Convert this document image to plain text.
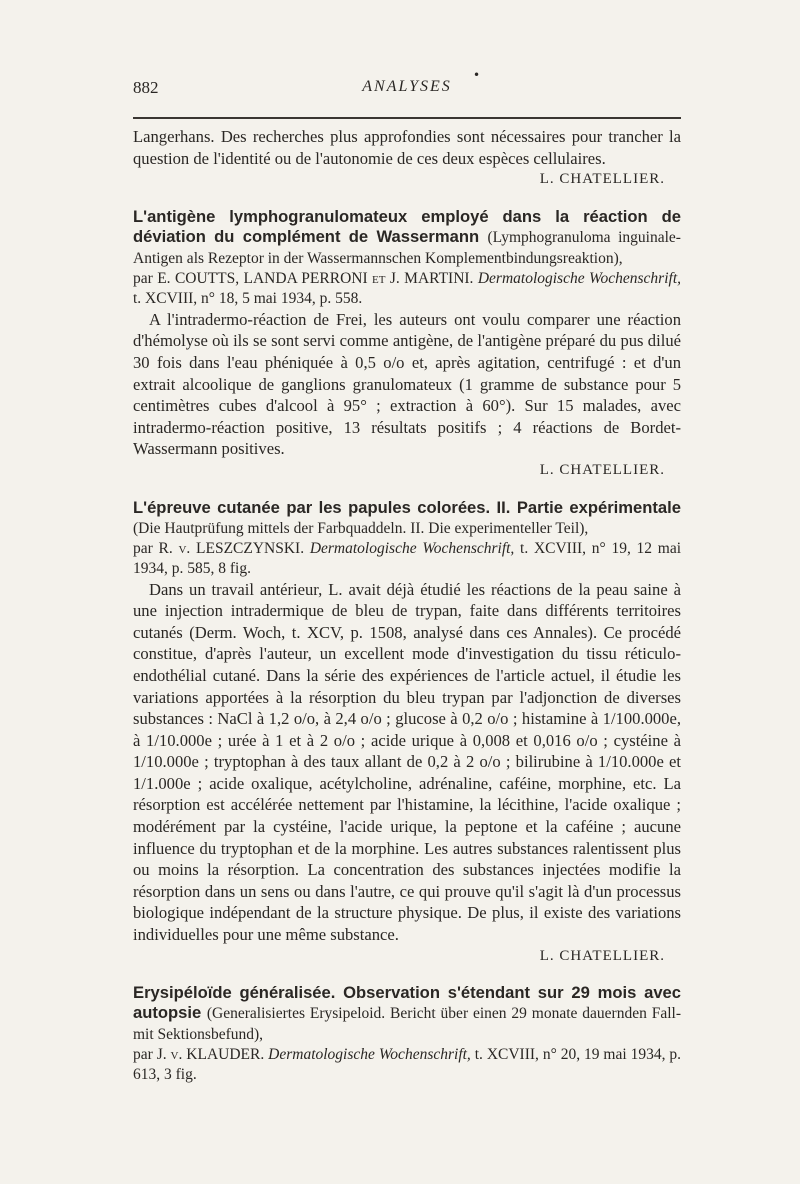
882
•
ANALYSES

Langerhans. Des recherches plus approfondies sont nécessaires pour trancher la question de l'identité ou de l'autonomie de ces deux espèces cellulaires.

L. CHATELLIER.

L'antigène lymphogranulomateux employé dans la réaction de déviation du complément de Wassermann (Lymphogranuloma inguinale-Antigen als Rezeptor in der Wassermannschen Komplementbindungsreaktion),

par E. COUTTS, LANDA PERRONI et J. MARTINI. Dermatologische Wochenschrift, t. XCVIII, n° 18, 5 mai 1934, p. 558.

A l'intradermo-réaction de Frei, les auteurs ont voulu comparer une réaction d'hémolyse où ils se sont servi comme antigène, de l'antigène préparé du pus dilué 30 fois dans l'eau phéniquée à 0,5 o/o et, après agitation, centrifugé : et d'un extrait alcoolique de ganglions granulomateux (1 gramme de substance pour 5 centimètres cubes d'alcool à 95° ; extraction à 60°). Sur 15 malades, avec intradermo-réaction positive, 13 résultats positifs ; 4 réactions de Bordet-Wassermann positives.

L. CHATELLIER.

L'épreuve cutanée par les papules colorées. II. Partie expérimentale (Die Hautprüfung mittels der Farbquaddeln. II. Die experimenteller Teil),

par R. v. LESZCZYNSKI. Dermatologische Wochenschrift, t. XCVIII, n° 19, 12 mai 1934, p. 585, 8 fig.

Dans un travail antérieur, L. avait déjà étudié les réactions de la peau saine à une injection intradermique de bleu de trypan, faite dans différents territoires cutanés (Derm. Woch, t. XCV, p. 1508, analysé dans ces Annales). Ce procédé constitue, d'après l'auteur, un excellent mode d'investigation du tissu réticulo-endothélial cutané. Dans la série des expériences de l'article actuel, il étudie les variations apportées à la résorption du bleu trypan par l'adjonction de diverses substances : NaCl à 1,2 o/o, à 2,4 o/o ; glucose à 0,2 o/o ; histamine à 1/100.000e, à 1/10.000e ; urée à 1 et à 2 o/o ; acide urique à 0,008 et 0,016 o/o ; cystéine à 1/10.000e ; tryptophan à des taux allant de 0,2 à 2 o/o ; bilirubine à 1/10.000e et 1/1.000e ; acide oxalique, acétylcholine, adrénaline, caféine, morphine, etc. La résorption est accélérée nettement par l'histamine, la lécithine, l'acide oxalique ; modérément par la cystéine, l'acide urique, la peptone et la caféine ; aucune influence du tryptophan et de la morphine. Les autres substances ralentissent plus ou moins la résorption. La concentration des substances injectées modifie la résorption dans un sens ou dans l'autre, ce qui prouve qu'il s'agit là d'un processus biologique indépendant de la structure physique. De plus, il existe des variations individuelles pour une même substance.

L. CHATELLIER.

Erysipéloïde généralisée. Observation s'étendant sur 29 mois avec autopsie (Generalisiertes Erysipeloid. Bericht über einen 29 monate dauernden Fall-mit Sektionsbefund),

par J. v. KLAUDER. Dermatologische Wochenschrift, t. XCVIII, n° 20, 19 mai 1934, p. 613, 3 fig.
